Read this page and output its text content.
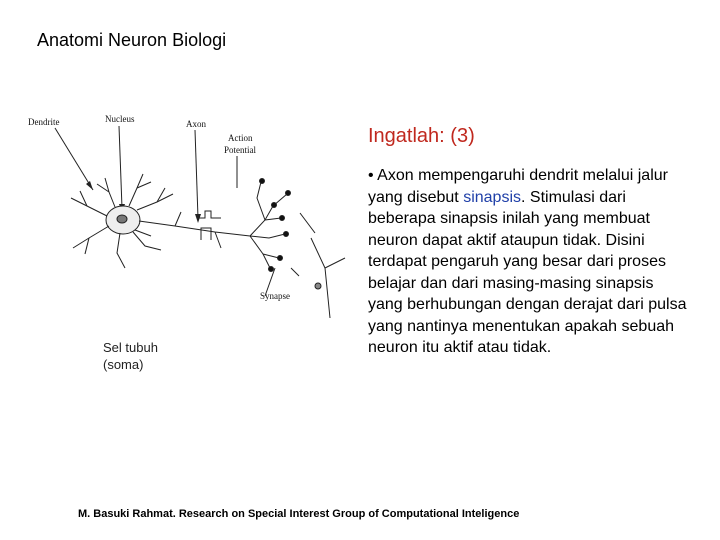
Anatomi Neuron Biologi
Dendrite	Nucleus	Axon
Action
Potential
Synapse
Sel tubuh
(soma)
Ingatlah: (3)
• Axon mempengaruhi dendrit melalui jalur yang disebut sinapsis. Stimulasi dari beberapa sinapsis inilah yang membuat neuron dapat aktif ataupun tidak. Disini terdapat pengaruh yang besar dari proses belajar dan dari masing-masing sinapsis yang berhubungan dengan derajat dari pulsa yang nantinya menentukan apakah sebuah neuron itu aktif atau tidak.
M. Basuki Rahmat. Research on Special Interest Group of Computational Inteligence
